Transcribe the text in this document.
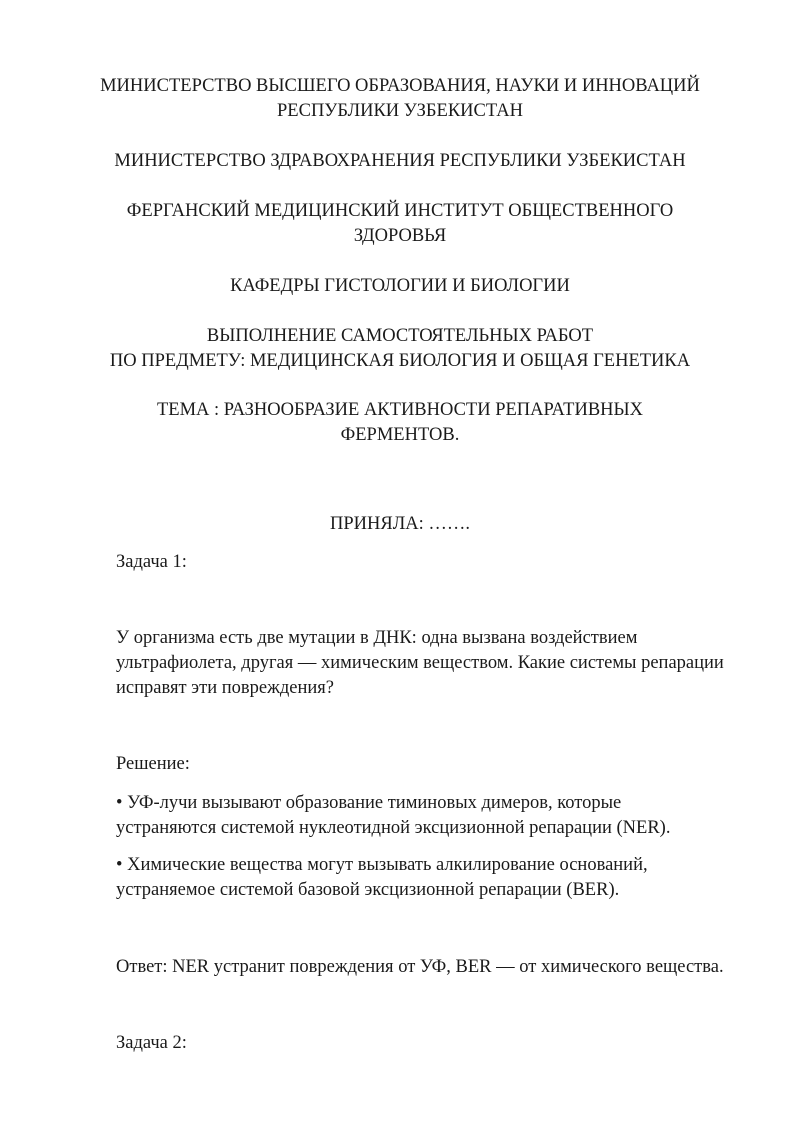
МИНИСТЕРСТВО ВЫСШЕГО ОБРАЗОВАНИЯ, НАУКИ И ИННОВАЦИЙ
РЕСПУБЛИКИ УЗБЕКИСТАН

МИНИСТЕРСТВО ЗДРАВОХРАНЕНИЯ РЕСПУБЛИКИ УЗБЕКИСТАН

ФЕРГАНСКИЙ МЕДИЦИНСКИЙ ИНСТИТУТ ОБЩЕСТВЕННОГО
ЗДОРОВЬЯ

КАФЕДРЫ ГИСТОЛОГИИ И БИОЛОГИИ

ВЫПОЛНЕНИЕ САМОСТОЯТЕЛЬНЫХ РАБОТ
ПО ПРЕДМЕТУ: МЕДИЦИНСКАЯ БИОЛОГИЯ И ОБЩАЯ ГЕНЕТИКА

ТЕМА : РАЗНООБРАЗИЕ АКТИВНОСТИ РЕПАРАТИВНЫХ
ФЕРМЕНТОВ.

ПРИНЯЛА: …….

Задача 1:

У организма есть две мутации в ДНК: одна вызвана воздействием
ультрафиолета, другая — химическим веществом. Какие системы репарации
исправят эти повреждения?

Решение:

• УФ-лучи вызывают образование тиминовых димеров, которые
устраняются системой нуклеотидной эксцизионной репарации (NER).

• Химические вещества могут вызывать алкилирование оснований,
устраняемое системой базовой эксцизионной репарации (BER).

Ответ: NER устранит повреждения от УФ, BER — от химического вещества.

Задача 2:
